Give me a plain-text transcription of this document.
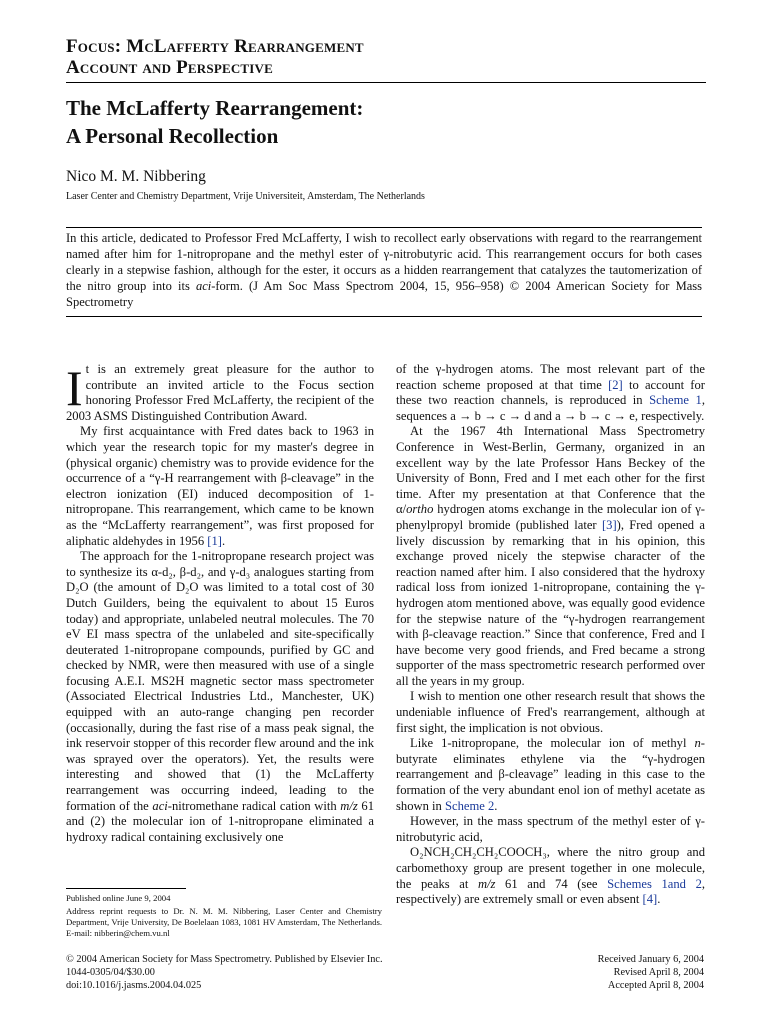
Focus: McLafferty Rearrangement
Account and Perspective
The McLafferty Rearrangement:
A Personal Recollection
Nico M. M. Nibbering
Laser Center and Chemistry Department, Vrije Universiteit, Amsterdam, The Netherlands
In this article, dedicated to Professor Fred McLafferty, I wish to recollect early observations with regard to the rearrangement named after him for 1-nitropropane and the methyl ester of γ-nitrobutyric acid. This rearrangement occurs for both cases clearly in a stepwise fashion, although for the ester, it occurs as a hidden rearrangement that catalyzes the tautomerization of the nitro group into its aci-form. (J Am Soc Mass Spectrom 2004, 15, 956–958) © 2004 American Society for Mass Spectrometry

It is an extremely great pleasure for the author to contribute an invited article to the Focus section honoring Professor Fred McLafferty, the recipient of the 2003 ASMS Distinguished Contribution Award.

My first acquaintance with Fred dates back to 1963 in which year the research topic for my master's degree in (physical organic) chemistry was to provide evidence for the occurrence of a “γ-H rearrangement with β-cleavage” in the electron ionization (EI) induced decomposition of 1-nitropropane. This rearrangement, which came to be known as the “McLafferty rearrangement”, was first proposed for aliphatic aldehydes in 1956 [1].

The approach for the 1-nitropropane research project was to synthesize its α-d₂, β-d₂, and γ-d₃ analogues starting from D₂O (the amount of D₂O was limited to a total cost of 30 Dutch Guilders, being the equivalent to about 15 Euros today) and appropriate, unlabeled neutral molecules. The 70 eV EI mass spectra of the unlabeled and site-specifically deuterated 1-nitropropane compounds, purified by GC and checked by NMR, were then measured with use of a single focusing A.E.I. MS2H magnetic sector mass spectrometer (Associated Electrical Industries Ltd., Manchester, UK) equipped with an auto-range changing pen recorder (occasionally, during the fast rise of a mass peak signal, the ink reservoir stopper of this recorder flew around and the ink was sprayed over the operators). Yet, the results were interesting and showed that (1) the McLafferty rearrangement was occurring indeed, leading to the formation of the aci-nitromethane radical cation with m/z 61 and (2) the molecular ion of 1-nitropropane eliminated a hydroxy radical containing exclusively one

of the γ-hydrogen atoms. The most relevant part of the reaction scheme proposed at that time [2] to account for these two reaction channels, is reproduced in Scheme 1, sequences a → b → c → d and a → b → c → e, respectively.

At the 1967 4th International Mass Spectrometry Conference in West-Berlin, Germany, organized in an excellent way by the late Professor Hans Beckey of the University of Bonn, Fred and I met each other for the first time. After my presentation at that Conference that the α/ortho hydrogen atoms exchange in the molecular ion of γ-phenylpropyl bromide (published later [3]), Fred opened a lively discussion by remarking that in his opinion, this exchange proved nicely the stepwise character of the reaction named after him. I also considered that the hydroxy radical loss from ionized 1-nitropropane, containing the γ-hydrogen atom mentioned above, was equally good evidence for the stepwise nature of the “γ-hydrogen rearrangement with β-cleavage reaction.” Since that conference, Fred and I have become very good friends, and Fred became a strong supporter of the mass spectrometric research performed over all the years in my group.

I wish to mention one other research result that shows the undeniable influence of Fred's rearrangement, although at first sight, the implication is not obvious.

Like 1-nitropropane, the molecular ion of methyl n-butyrate eliminates ethylene via the “γ-hydrogen rearrangement and β-cleavage” leading in this case to the formation of the very abundant enol ion of methyl acetate as shown in Scheme 2.

However, in the mass spectrum of the methyl ester of γ-nitrobutyric acid,

O₂NCH₂CH₂CH₂COOCH₃, where the nitro group and carbomethoxy group are present together in one molecule, the peaks at m/z 61 and 74 (see Schemes 1and 2, respectively) are extremely small or even absent [4].

Published online June 9, 2004

Address reprint requests to Dr. N. M. M. Nibbering, Laser Center and Chemistry Department, Vrije University, De Boelelaan 1083, 1081 HV Amsterdam, The Netherlands. E-mail: nibberin@chem.vu.nl

© 2004 American Society for Mass Spectrometry. Published by Elsevier Inc.
1044-0305/04/$30.00
doi:10.1016/j.jasms.2004.04.025
Received January 6, 2004
Revised April 8, 2004
Accepted April 8, 2004
